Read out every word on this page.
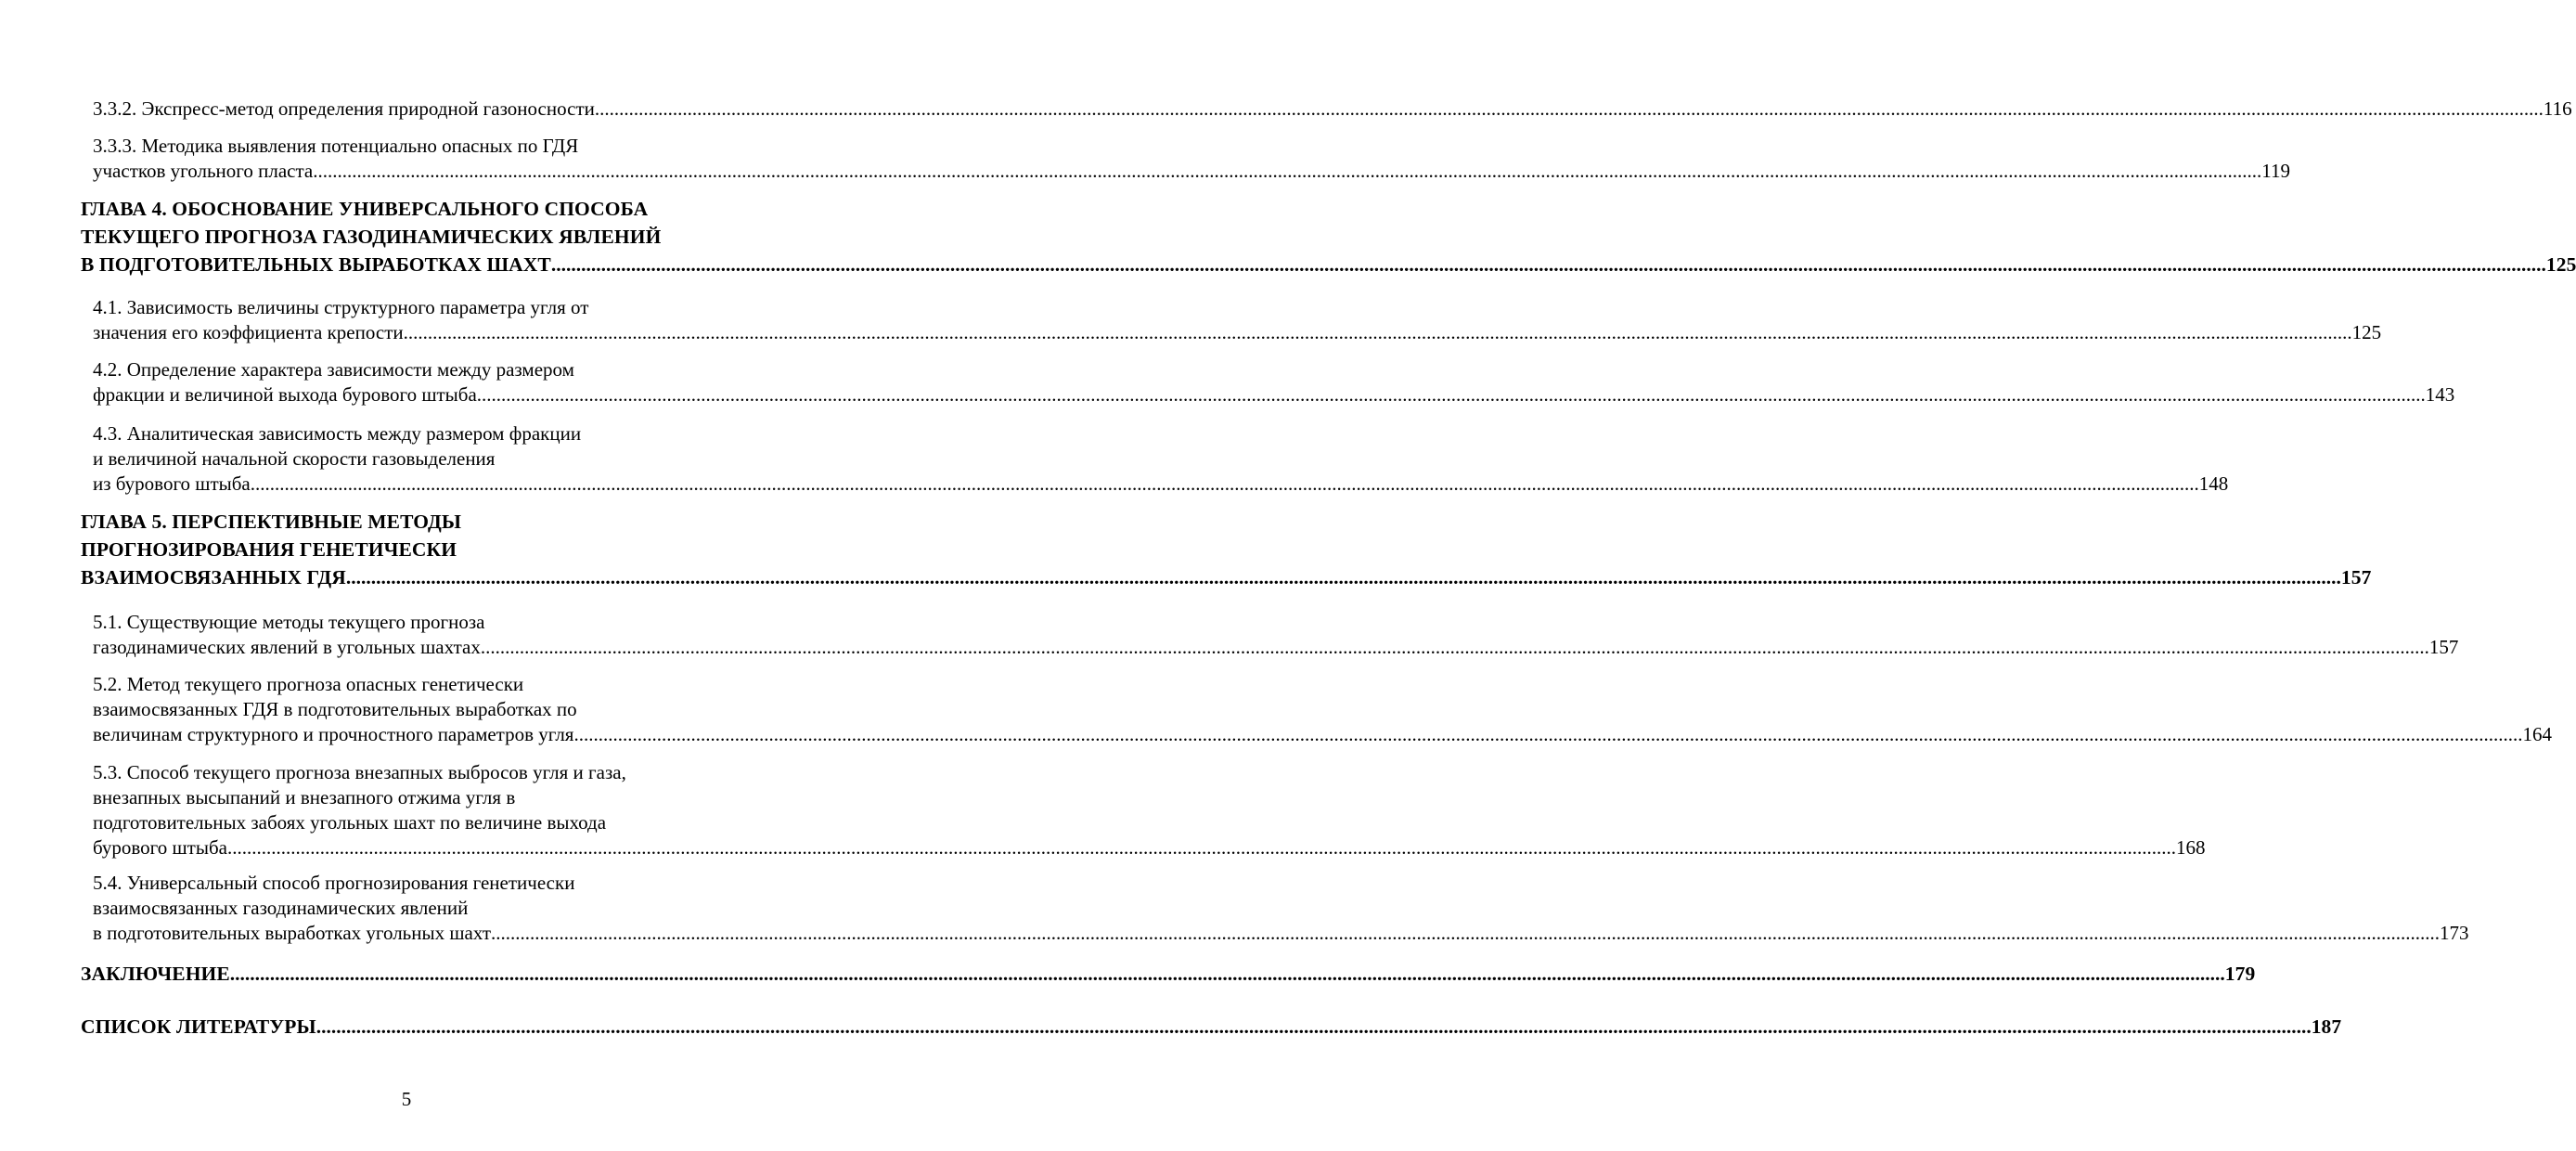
3.3.2. Экспресс-метод определения природной газоносности ................................................................................................................................................................................................................................................................................................................................................................................................................ 116
3.3.3. Методика выявления потенциально опасных по ГДЯ
участков угольного пласта ................................................................................................................................................................................................................................................................................................................................................................................................................ 119
ГЛАВА 4. ОБОСНОВАНИЕ УНИВЕРСАЛЬНОГО СПОСОБА
ТЕКУЩЕГО ПРОГНОЗА ГАЗОДИНАМИЧЕСКИХ ЯВЛЕНИЙ
В ПОДГОТОВИТЕЛЬНЫХ ВЫРАБОТКАХ ШАХТ ................................................................................................................................................................................................................................................................................................................................................................................................................ 125
4.1. Зависимость величины структурного параметра угля от
значения его коэффициента крепости ................................................................................................................................................................................................................................................................................................................................................................................................................ 125
4.2. Определение характера зависимости между размером
фракции и величиной выхода бурового штыба ................................................................................................................................................................................................................................................................................................................................................................................................................ 143
4.3. Аналитическая зависимость между размером фракции
и величиной начальной скорости газовыделения
из бурового штыба ................................................................................................................................................................................................................................................................................................................................................................................................................ 148
ГЛАВА 5. ПЕРСПЕКТИВНЫЕ МЕТОДЫ
ПРОГНОЗИРОВАНИЯ ГЕНЕТИЧЕСКИ
ВЗАИМОСВЯЗАННЫХ ГДЯ ................................................................................................................................................................................................................................................................................................................................................................................................................ 157
5.1. Существующие методы текущего прогноза
газодинамических явлений в угольных шахтах ................................................................................................................................................................................................................................................................................................................................................................................................................ 157
5.2. Метод текущего прогноза опасных генетически
взаимосвязанных ГДЯ в подготовительных выработках по
величинам структурного и прочностного параметров угля ................................................................................................................................................................................................................................................................................................................................................................................................................ 164
5.3. Способ текущего прогноза внезапных выбросов угля и газа,
внезапных высыпаний и внезапного отжима угля в
подготовительных забоях угольных шахт по величине выхода
бурового штыба ................................................................................................................................................................................................................................................................................................................................................................................................................ 168
5.4. Универсальный способ прогнозирования генетически
взаимосвязанных газодинамических явлений
в подготовительных выработках угольных шахт ................................................................................................................................................................................................................................................................................................................................................................................................................ 173
ЗАКЛЮЧЕНИЕ ................................................................................................................................................................................................................................................................................................................................................................................................................ 179
СПИСОК ЛИТЕРАТУРЫ ................................................................................................................................................................................................................................................................................................................................................................................................................ 187
5
